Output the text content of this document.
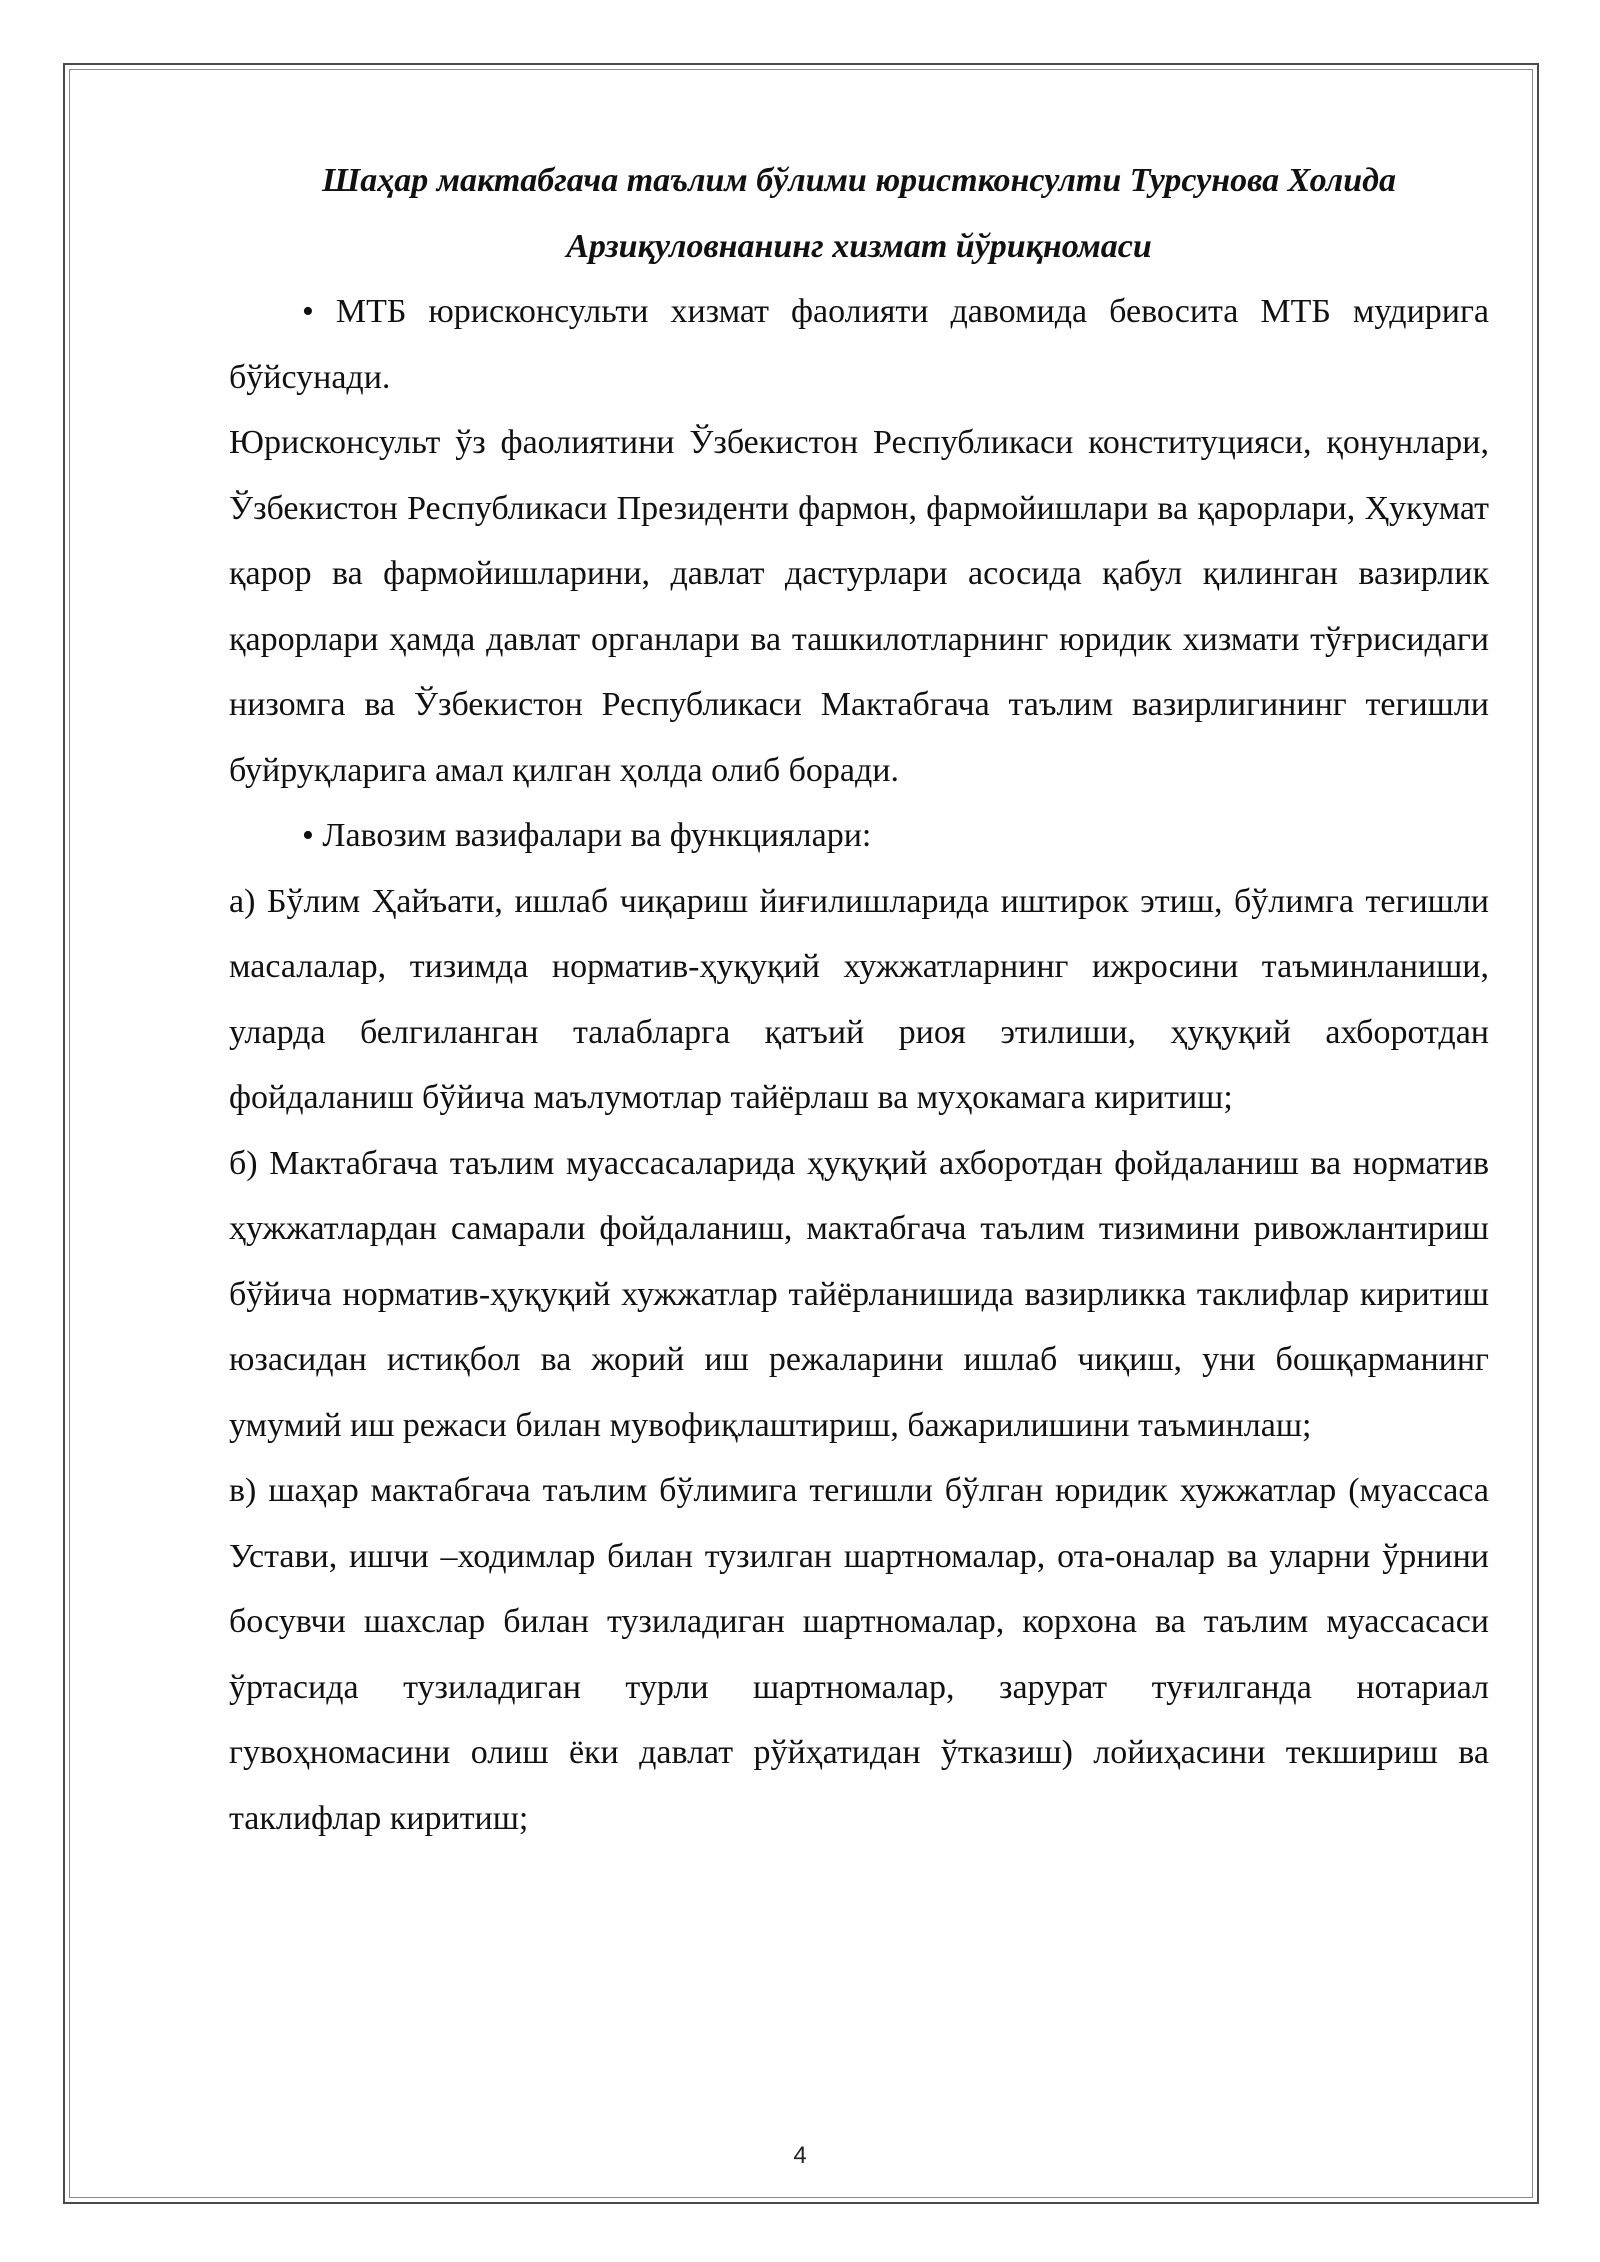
Шаҳар мактабгача таълим бўлими юристконсулти Турсунова Холида
Арзиқуловнанинг хизмат йўриқномаси

• МТБ юрисконсульти хизмат фаолияти давомида бевосита МТБ мудирига бўйсунади.

Юрисконсульт ўз фаолиятини Ўзбекистон Республикаси конституцияси, қонунлари, Ўзбекистон Республикаси Президенти фармон, фармойишлари ва қарорлари, Ҳукумат қарор ва фармойишларини, давлат дастурлари асосида қабул қилинган вазирлик қарорлари ҳамда давлат органлари ва ташкилотларнинг юридик хизмати тўғрисидаги низомга ва Ўзбекистон Республикаси Мактабгача таълим вазирлигининг тегишли буйруқларига амал қилган ҳолда олиб боради.

• Лавозим вазифалари ва функциялари:

а) Бўлим Ҳайъати, ишлаб чиқариш йиғилишларида иштирок этиш, бўлимга тегишли масалалар, тизимда норматив-ҳуқуқий хужжатларнинг ижросини таъминланиши, уларда белгиланган талабларга қатъий риоя этилиши, ҳуқуқий ахборотдан фойдаланиш бўйича маълумотлар тайёрлаш ва муҳокамага киритиш;

б) Мактабгача таълим муассасаларида ҳуқуқий ахборотдан фойдаланиш ва норматив ҳужжатлардан самарали фойдаланиш, мактабгача таълим тизимини ривожлантириш бўйича норматив-ҳуқуқий хужжатлар тайёрланишида вазирликка таклифлар киритиш юзасидан истиқбол ва жорий иш режаларини ишлаб чиқиш, уни бошқарманинг умумий иш режаси билан мувофиқлаштириш, бажарилишини таъминлаш;

в) шаҳар мактабгача таълим бўлимига тегишли бўлган юридик хужжатлар (муассаса Устави, ишчи –ходимлар билан тузилган шартномалар, ота-оналар ва уларни ўрнини босувчи шахслар билан тузиладиган шартномалар, корхона ва таълим муассасаси ўртасида тузиладиган турли шартномалар, зарурат туғилганда нотариал гувоҳномасини олиш ёки давлат рўйҳатидан ўтказиш) лойиҳасини текшириш ва таклифлар киритиш;

4
